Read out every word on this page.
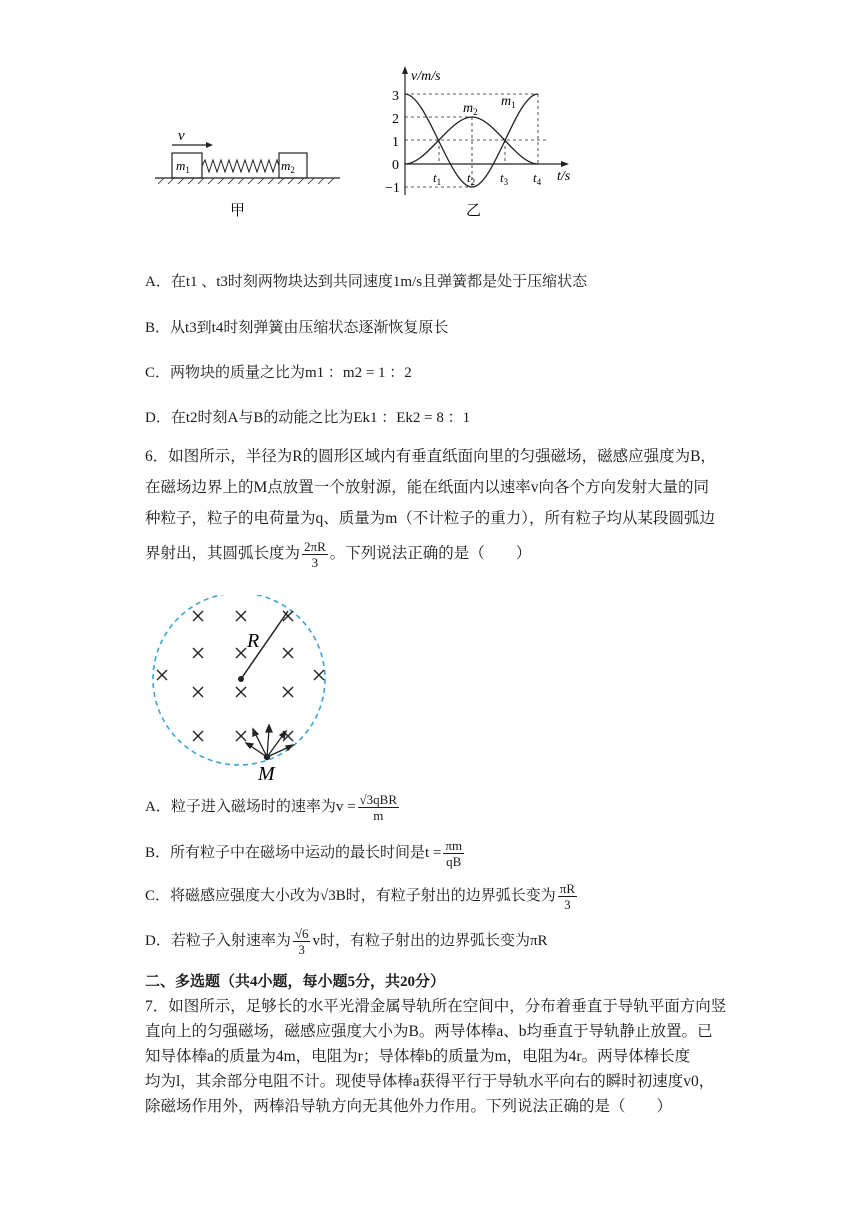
v
$m_1$	$m_2$
甲
v/m/s
t/s
3
2
1
0
−1
$m_2$
$m_1$
$t_1$ $t_2$ $t_3$ $t_4$
乙
A．在t1 、t3时刻两物块达到共同速度1m/s且弹簧都是处于压缩状态
B．从t3到t4时刻弹簧由压缩状态逐渐恢复原长
C．两物块的质量之比为m1 ：m2 = 1 ：2
D．在t2时刻A与B的动能之比为Ek1 ：Ek2 = 8 ：1
6．如图所示，半径为R的圆形区域内有垂直纸面向里的匀强磁场，磁感应强度为B，
在磁场边界上的M点放置一个放射源，能在纸面内以速率v向各个方向发射大量的同
种粒子，粒子的电荷量为q、质量为m（不计粒子的重力），所有粒子均从某段圆弧边
界射出，其圆弧长度为 $\frac{2\pi R}{3}$ 。下列说法正确的是（　　）
R
M
A．粒子进入磁场时的速率为$v = \frac{\text{√3qBR}}{m}$
B．所有粒子中在磁场中运动的最长时间是$t = \frac{\pi m}{qB}$
C．将磁感应强度大小改为√3B时，有粒子射出的边界弧长变为 $\frac{\pi R}{3}$
D．若粒子入射速率为 $\frac{√6}{3}$ v时，有粒子射出的边界弧长变为πR
二、多选题（共4小题，每小题5分，共20分）
7．如图所示，足够长的水平光滑金属导轨所在空间中，分布着垂直于导轨平面方向竖
直向上的匀强磁场，磁感应强度大小为B。两导体棒a、b均垂直于导轨静止放置。已
知导体棒a的质量为4m，电阻为r；导体棒b的质量为m，电阻为4r。两导体棒长度
均为l，其余部分电阻不计。现使导体棒a获得平行于导轨水平向右的瞬时初速度v0，
除磁场作用外，两棒沿导轨方向无其他外力作用。下列说法正确的是（　　）
